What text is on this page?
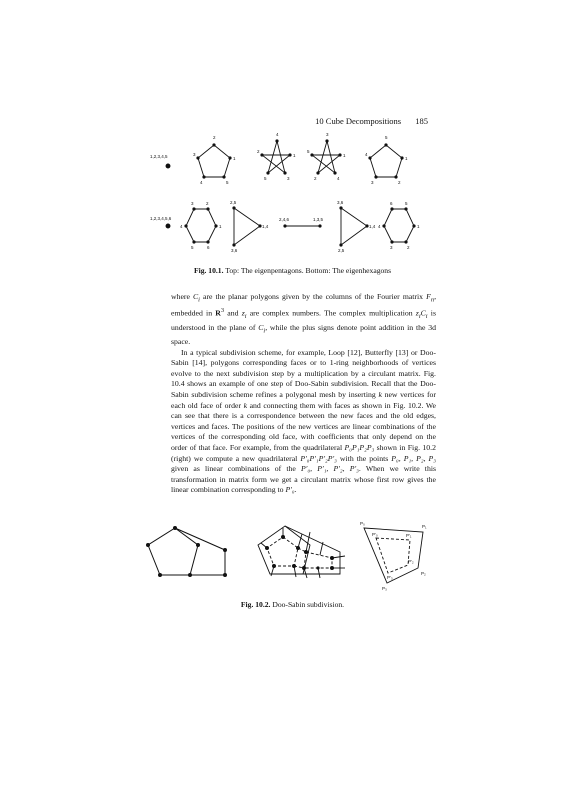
10 Cube Decompositions 185
1,2,3,4,5
2
1
5
4
3
4
1
3
5
2
3
1
4
2
5
5
1
2
3
4
1,2,3,4,5,6
2
1
6
5
4
3	2,5
1,4
3,6
2,4,6	1,3,5
3,6
1,4
2,5
6
1
2
3
4
5
Fig. 10.1. Top: The eigenpentagons. Bottom: The eigenhexagons

where $C_i$ are the planar polygons given by the columns of the Fourier matrix $F_n$, embedded in $R^3$ and $z_i$ are complex numbers. The complex multiplication $z_iC_i$ is understood in the plane of $C_i$, while the plus signs denote point addition in the 3d space.

In a typical subdivision scheme, for example, Loop [12], Butterfly [13] or Doo-Sabin [14], polygons corresponding faces or to 1-ring neighborhoods of vertices evolve to the next subdivision step by a multiplication by a circulant matrix. Fig. 10.4 shows an example of one step of Doo-Sabin subdivision. Recall that the Doo-Sabin subdivision scheme refines a polygonal mesh by inserting k new vertices for each old face of order k and connecting them with faces as shown in Fig. 10.2. We can see that there is a correspondence between the new faces and the old edges, vertices and faces. The positions of the new vertices are linear combinations of the vertices of the corresponding old face, with coefficients that only depend on the order of that face. For example, from the quadrilateral P₀P₁P₂P₃ shown in Fig. 10.2 (right) we compute a new quadrilateral P′₀P′₁P′₂P′₃ with the points P₀, P₁, P₂, P₃ given as linear combinations of the P′₀, P′₁, P′₂, P′₃. When we write this transformation in matrix form we get a circulant matrix whose first row gives the linear combination corresponding to P′₀.

P₀
P₁
P₂
P₃
P′₀	P′₁
P′₂
P′₃
Fig. 10.2. Doo-Sabin subdivision.
